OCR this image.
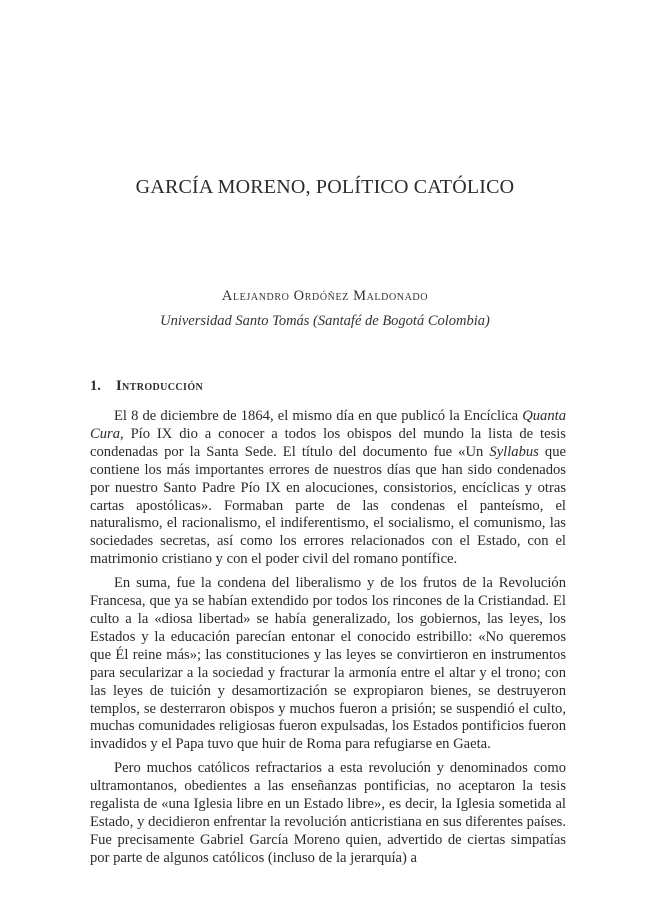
GARCÍA MORENO, POLÍTICO CATÓLICO
Alejandro Ordóñez Maldonado
Universidad Santo Tomás (Santafé de Bogotá Colombia)
1. Introducción

El 8 de diciembre de 1864, el mismo día en que publicó la Encíclica Quanta Cura, Pío IX dio a conocer a todos los obispos del mundo la lista de tesis condenadas por la Santa Sede. El título del documento fue «Un Syllabus que contiene los más importantes errores de nuestros días que han sido condenados por nuestro Santo Padre Pío IX en alocuciones, consistorios, encíclicas y otras cartas apostólicas». Formaban parte de las condenas el panteísmo, el naturalismo, el racionalismo, el indiferentismo, el socialismo, el comunismo, las sociedades secretas, así como los errores relacionados con el Estado, con el matrimonio cristiano y con el poder civil del romano pontífice.

En suma, fue la condena del liberalismo y de los frutos de la Revolución Francesa, que ya se habían extendido por todos los rincones de la Cristiandad. El culto a la «diosa libertad» se había generalizado, los gobiernos, las leyes, los Estados y la educación parecían entonar el conocido estribillo: «No queremos que Él reine más»; las constituciones y las leyes se convirtieron en instrumentos para secularizar a la sociedad y fracturar la armonía entre el altar y el trono; con las leyes de tuición y desamortización se expropiaron bienes, se destruyeron templos, se desterraron obispos y muchos fueron a prisión; se suspendió el culto, muchas comunidades religiosas fueron expulsadas, los Estados pontificios fueron invadidos y el Papa tuvo que huir de Roma para refugiarse en Gaeta.

Pero muchos católicos refractarios a esta revolución y denominados como ultramontanos, obedientes a las enseñanzas pontificias, no aceptaron la tesis regalista de «una Iglesia libre en un Estado libre», es decir, la Iglesia sometida al Estado, y decidieron enfrentar la revolución anticristiana en sus diferentes países. Fue precisamente Gabriel García Moreno quien, advertido de ciertas simpatías por parte de algunos católicos (incluso de la jerarquía) a
